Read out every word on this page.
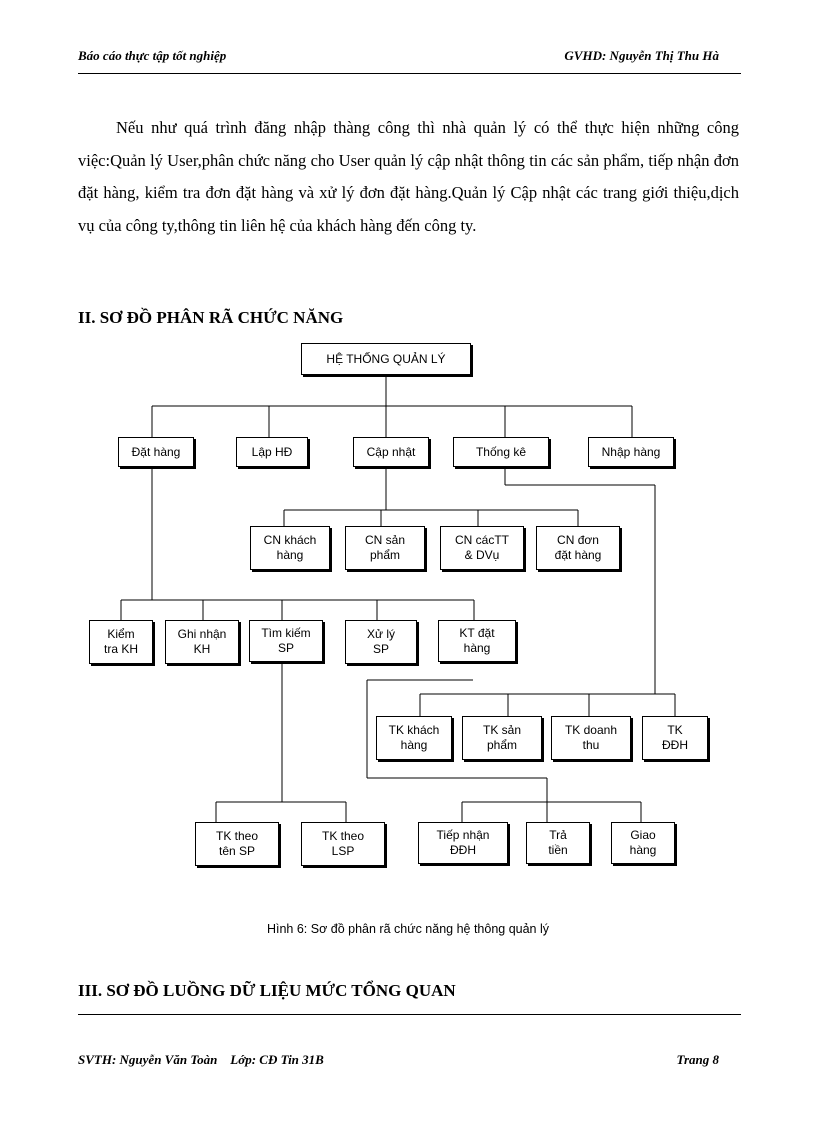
Báo cáo thực tập tốt nghiệp	GVHD: Nguyễn Thị Thu Hà

Nếu như quá trình đăng nhập thàng công thì nhà quản lý có thể thực hiện những công việc:Quản lý User,phân chức năng cho User quản lý cập nhật thông tin các sản phẩm, tiếp nhận đơn đặt hàng, kiểm tra đơn đặt hàng và xử lý đơn đặt hàng.Quản lý Cập nhật các trang giới thiệu,dịch vụ của công ty,thông tin liên hệ của khách hàng đến công ty.

II. SƠ ĐỒ PHÂN RÃ CHỨC NĂNG
HỆ THỐNG QUẢN LÝ
Đặt hàng	Lập HĐ	Cập nhật	Thống kê	Nhập hàng
CN khách
hàng
CN sản
phẩm
CN cácTT
& DVụ
CN đơn
đặt hàng
Kiểm
tra KH
Ghi nhận
KH
Tìm kiếm
SP
Xử lý
SP
KT đặt
hàng
TK khách
hàng
TK sản
phẩm
TK doanh
thu
TK
ĐĐH
TK theo
tên SP
TK theo
LSP
Tiếp nhận
ĐĐH
Trả
tiền
Giao
hàng
Hình 6: Sơ đồ phân rã chức năng hệ thông quản lý
III. SƠ ĐỒ LUỒNG DỮ LIỆU MỨC TỔNG QUAN
SVTH: Nguyễn Văn Toàn    Lớp: CĐ Tin 31B	Trang 8
